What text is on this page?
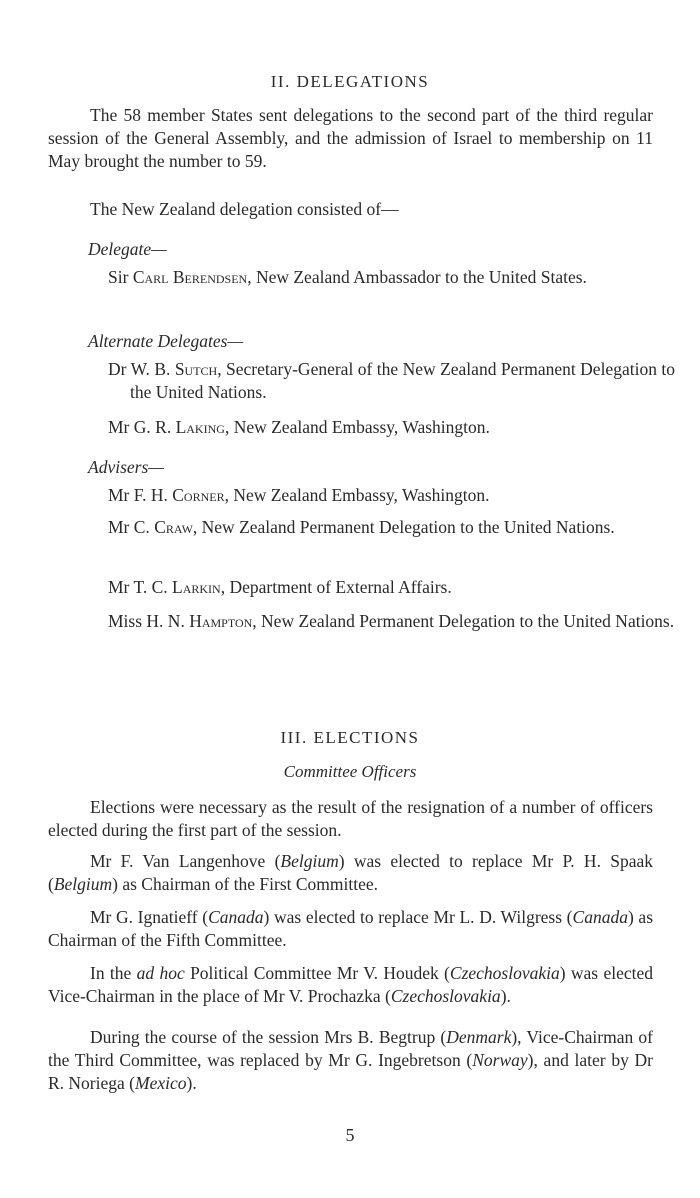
II. DELEGATIONS

The 58 member States sent delegations to the second part of the third regular session of the General Assembly, and the admission of Israel to membership on 11 May brought the number to 59.

The New Zealand delegation consisted of—

Delegate—

Sir Carl Berendsen, New Zealand Ambassador to the United States.

Alternate Delegates—

Dr W. B. Sutch, Secretary-General of the New Zealand Permanent Delegation to the United Nations.

Mr G. R. Laking, New Zealand Embassy, Washington.

Advisers—

Mr F. H. Corner, New Zealand Embassy, Washington.

Mr C. Craw, New Zealand Permanent Delegation to the United Nations.

Mr T. C. Larkin, Department of External Affairs.

Miss H. N. Hampton, New Zealand Permanent Delegation to the United Nations.

III. ELECTIONS
Committee Officers

Elections were necessary as the result of the resignation of a number of officers elected during the first part of the session.

Mr F. Van Langenhove (Belgium) was elected to replace Mr P. H. Spaak (Belgium) as Chairman of the First Committee.

Mr G. Ignatieff (Canada) was elected to replace Mr L. D. Wilgress (Canada) as Chairman of the Fifth Committee.

In the ad hoc Political Committee Mr V. Houdek (Czechoslovakia) was elected Vice-Chairman in the place of Mr V. Prochazka (Czechoslovakia).

During the course of the session Mrs B. Begtrup (Denmark), Vice-Chairman of the Third Committee, was replaced by Mr G. Ingebretson (Norway), and later by Dr R. Noriega (Mexico).

5
